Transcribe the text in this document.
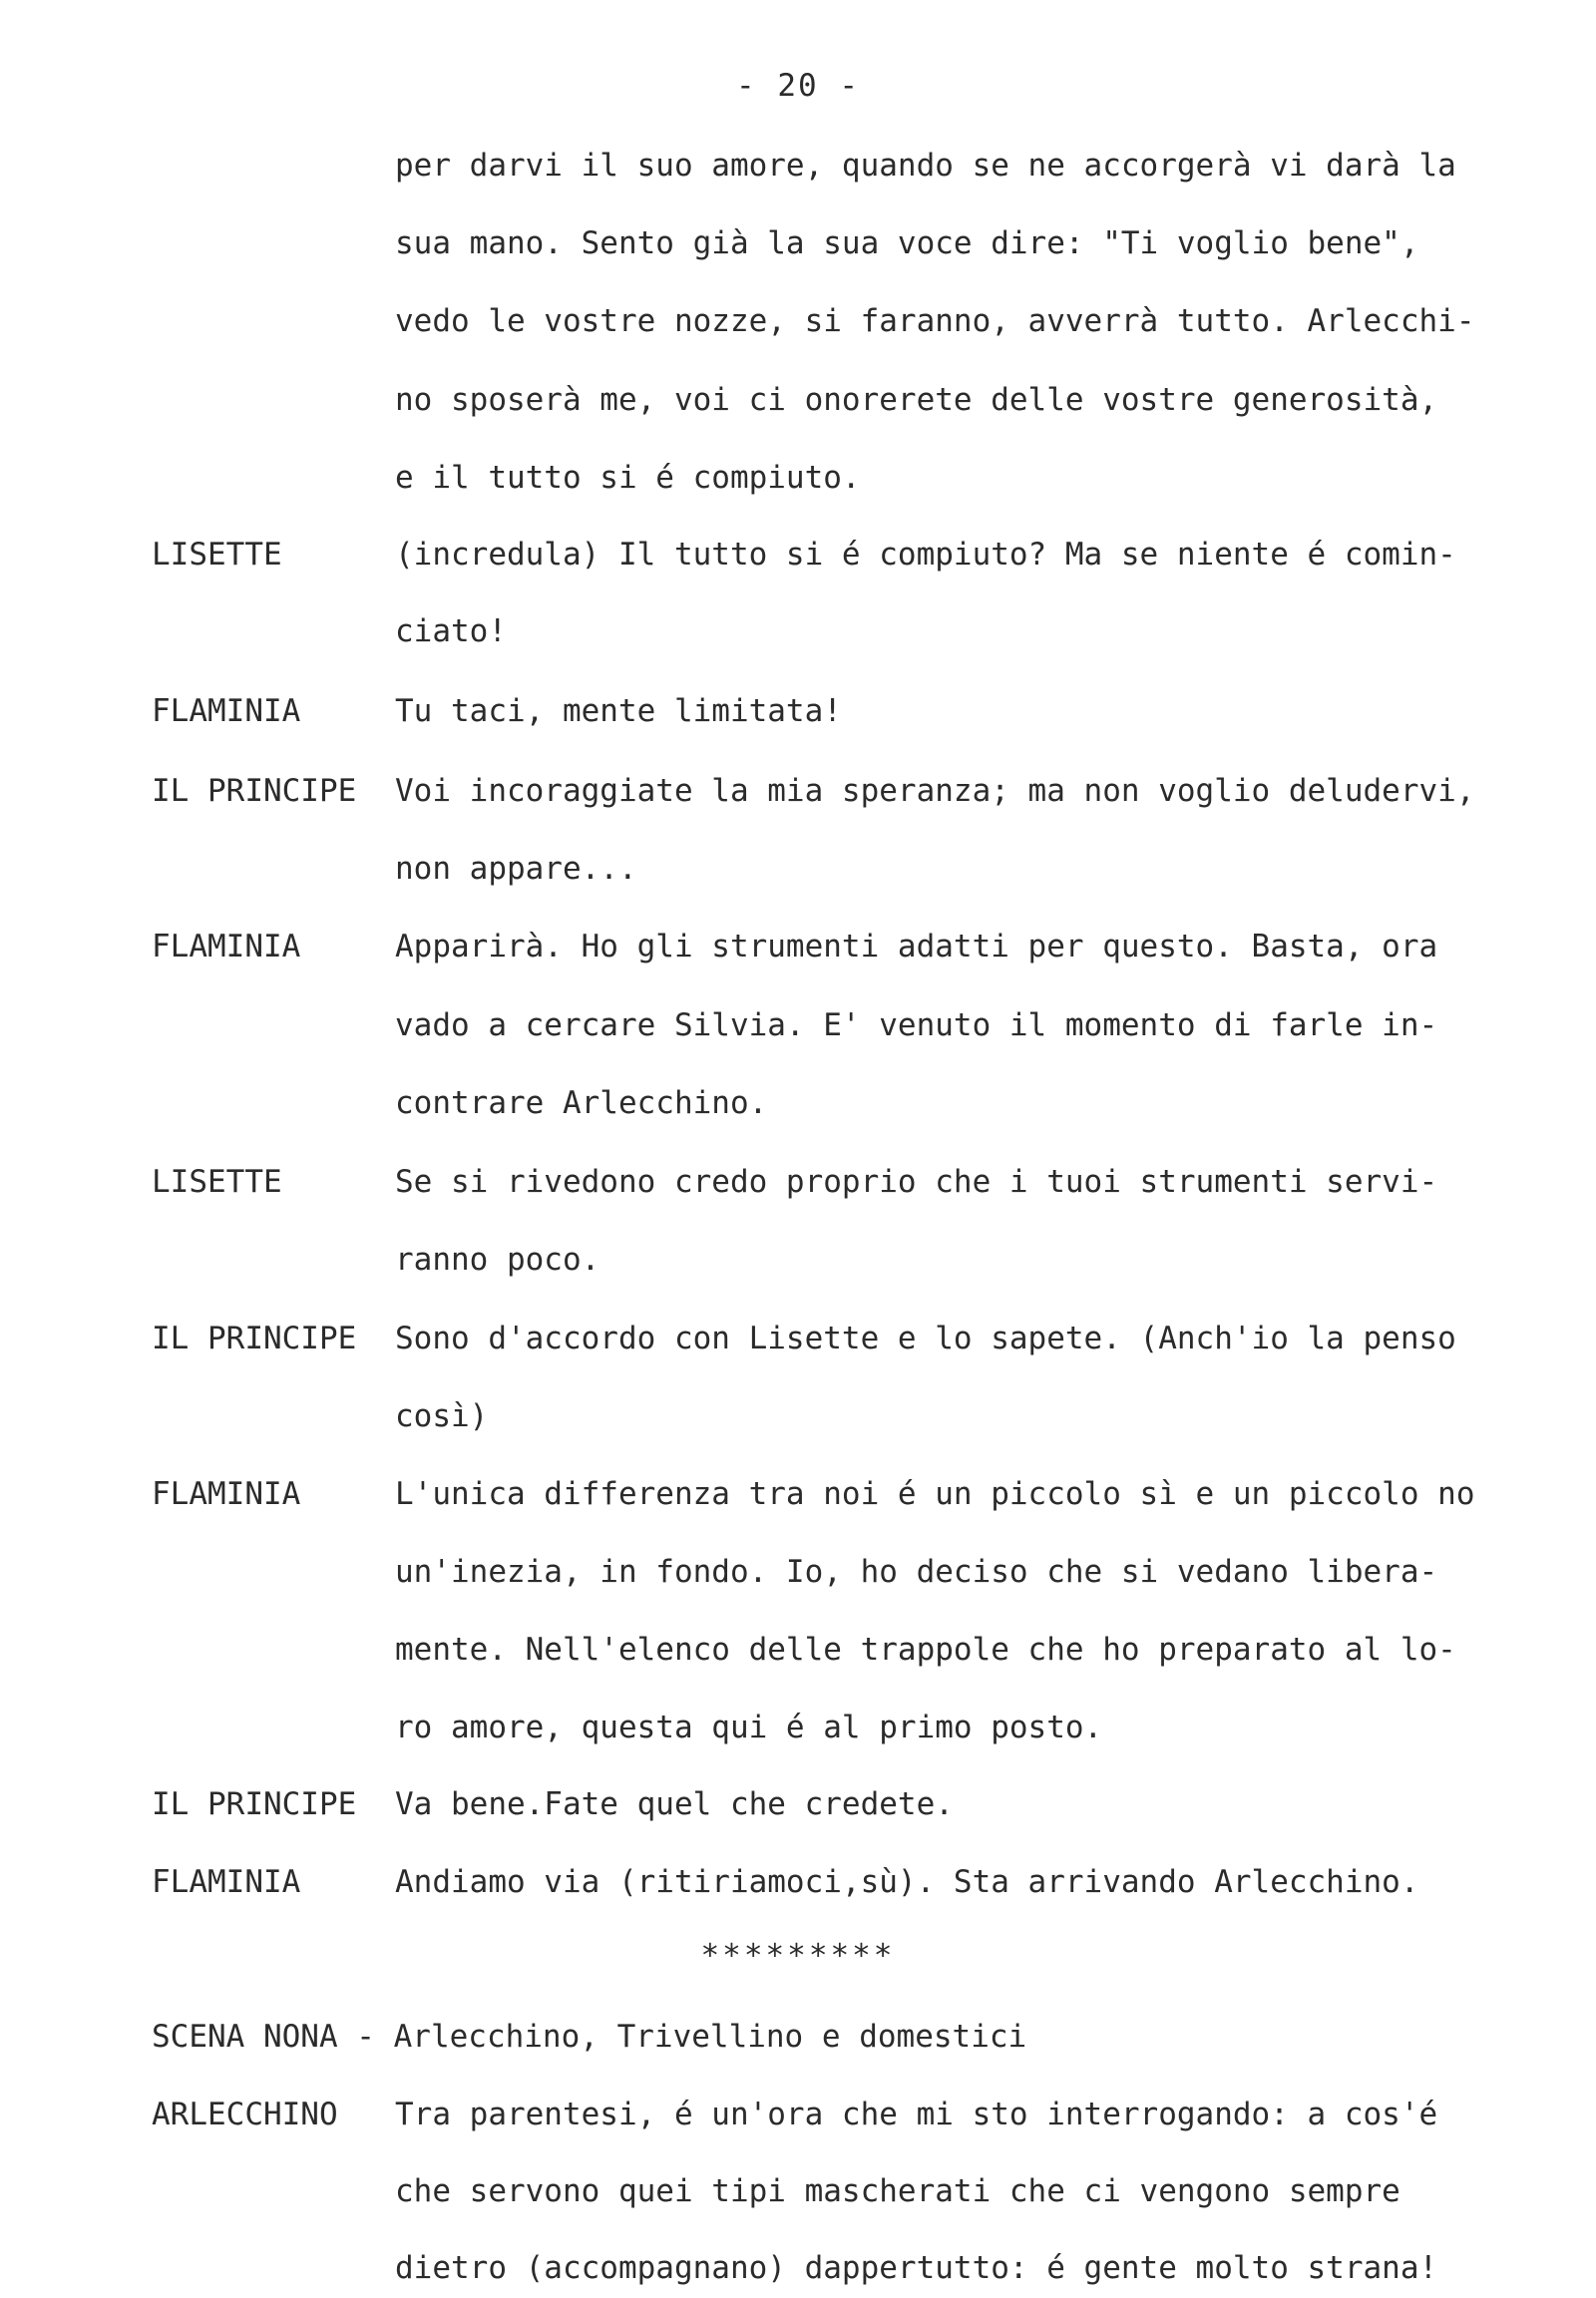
- 20 -
per darvi il suo amore, quando se ne accorgerà vi darà la
sua mano. Sento già la sua voce dire: "Ti voglio bene",
vedo le vostre nozze, si faranno, avverrà tutto. Arlecchi-
no sposerà me, voi ci onorerete delle vostre generosità,
e il tutto si é compiuto.
LISETTE	(incredula) Il tutto si é compiuto? Ma se niente é comin-
ciato!
FLAMINIA	Tu taci, mente limitata!
IL PRINCIPE Voi incoraggiate la mia speranza; ma non voglio deludervi,
non appare...
FLAMINIA	Apparirà. Ho gli strumenti adatti per questo. Basta, ora
vado a cercare Silvia. E' venuto il momento di farle in-
contrare Arlecchino.
LISETTE	Se si rivedono credo proprio che i tuoi strumenti servi-
ranno poco.
IL PRINCIPE Sono d'accordo con Lisette e lo sapete. (Anch'io la penso
così)
FLAMINIA	L'unica differenza tra noi é un piccolo sì e un piccolo no
un'inezia, in fondo. Io, ho deciso che si vedano libera-
mente. Nell'elenco delle trappole che ho preparato al lo-
ro amore, questa qui é al primo posto.
IL PRINCIPE Va bene.Fate quel che credete.
FLAMINIA	Andiamo via (ritiriamoci,sù). Sta arrivando Arlecchino.
*********
SCENA NONA - Arlecchino, Trivellino e domestici
ARLECCHINO Tra parentesi, é un'ora che mi sto interrogando: a cos'é
che servono quei tipi mascherati che ci vengono sempre
dietro (accompagnano) dappertutto: é gente molto strana!
